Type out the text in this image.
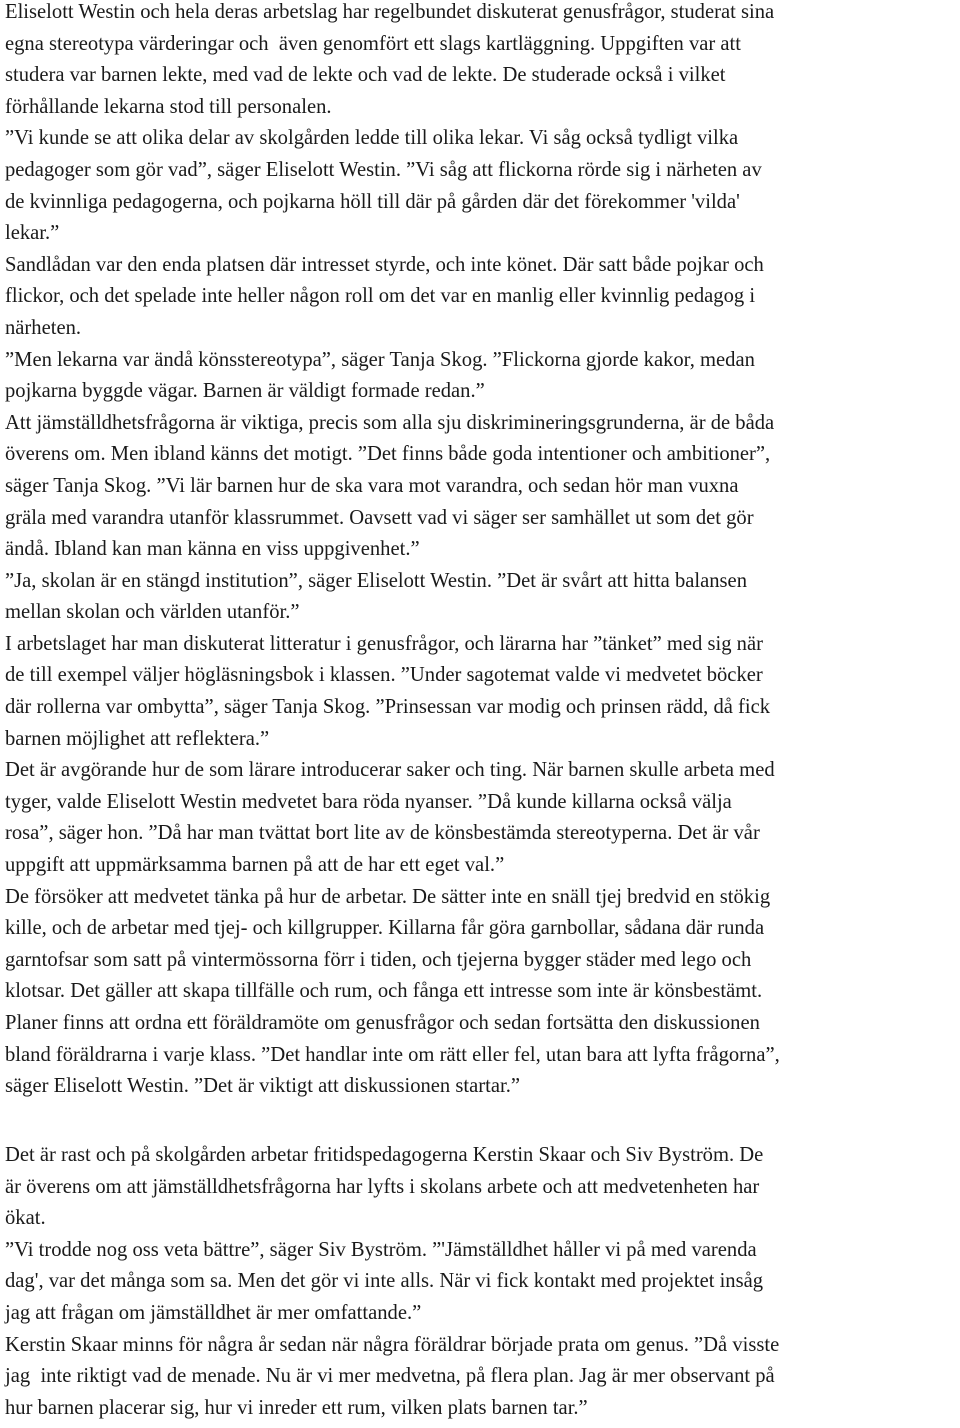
Eliselott Westin och hela deras arbetslag har regelbundet diskuterat genusfrågor, studerat sina
egna stereotypa värderingar och  även genomfört ett slags kartläggning. Uppgiften var att
studera var barnen lekte, med vad de lekte och vad de lekte. De studerade också i vilket
förhållande lekarna stod till personalen.
”Vi kunde se att olika delar av skolgården ledde till olika lekar. Vi såg också tydligt vilka
pedagoger som gör vad”, säger Eliselott Westin. ”Vi såg att flickorna rörde sig i närheten av
de kvinnliga pedagogerna, och pojkarna höll till där på gården där det förekommer 'vilda'
lekar.”
Sandlådan var den enda platsen där intresset styrde, och inte könet. Där satt både pojkar och
flickor, och det spelade inte heller någon roll om det var en manlig eller kvinnlig pedagog i
närheten.
”Men lekarna var ändå könsstereotypa”, säger Tanja Skog. ”Flickorna gjorde kakor, medan
pojkarna byggde vägar. Barnen är väldigt formade redan.”
Att jämställdhetsfrågorna är viktiga, precis som alla sju diskrimineringsgrunderna, är de båda
överens om. Men ibland känns det motigt. ”Det finns både goda intentioner och ambitioner”,
säger Tanja Skog. ”Vi lär barnen hur de ska vara mot varandra, och sedan hör man vuxna
gräla med varandra utanför klassrummet. Oavsett vad vi säger ser samhället ut som det gör
ändå. Ibland kan man känna en viss uppgivenhet.”
”Ja, skolan är en stängd institution”, säger Eliselott Westin. ”Det är svårt att hitta balansen
mellan skolan och världen utanför.”
I arbetslaget har man diskuterat litteratur i genusfrågor, och lärarna har ”tänket” med sig när
de till exempel väljer högläsningsbok i klassen. ”Under sagotemat valde vi medvetet böcker
där rollerna var ombytta”, säger Tanja Skog. ”Prinsessan var modig och prinsen rädd, då fick
barnen möjlighet att reflektera.”
Det är avgörande hur de som lärare introducerar saker och ting. När barnen skulle arbeta med
tyger, valde Eliselott Westin medvetet bara röda nyanser. ”Då kunde killarna också välja
rosa”, säger hon. ”Då har man tvättat bort lite av de könsbestämda stereotyperna. Det är vår
uppgift att uppmärksamma barnen på att de har ett eget val.”
De försöker att medvetet tänka på hur de arbetar. De sätter inte en snäll tjej bredvid en stökig
kille, och de arbetar med tjej- och killgrupper. Killarna får göra garnbollar, sådana där runda
garntofsar som satt på vintermössorna förr i tiden, och tjejerna bygger städer med lego och
klotsar. Det gäller att skapa tillfälle och rum, och fånga ett intresse som inte är könsbestämt.
Planer finns att ordna ett föräldramöte om genusfrågor och sedan fortsätta den diskussionen
bland föräldrarna i varje klass. ”Det handlar inte om rätt eller fel, utan bara att lyfta frågorna”,
säger Eliselott Westin. ”Det är viktigt att diskussionen startar.”
Det är rast och på skolgården arbetar fritidspedagogerna Kerstin Skaar och Siv Byström. De
är överens om att jämställdhetsfrågorna har lyfts i skolans arbete och att medvetenheten har
ökat.
”Vi trodde nog oss veta bättre”, säger Siv Byström. ”'Jämställdhet håller vi på med varenda
dag', var det många som sa. Men det gör vi inte alls. När vi fick kontakt med projektet insåg
jag att frågan om jämställdhet är mer omfattande.”
Kerstin Skaar minns för några år sedan när några föräldrar började prata om genus. ”Då visste
jag  inte riktigt vad de menade. Nu är vi mer medvetna, på flera plan. Jag är mer observant på
hur barnen placerar sig, hur vi inreder ett rum, vilken plats barnen tar.”
